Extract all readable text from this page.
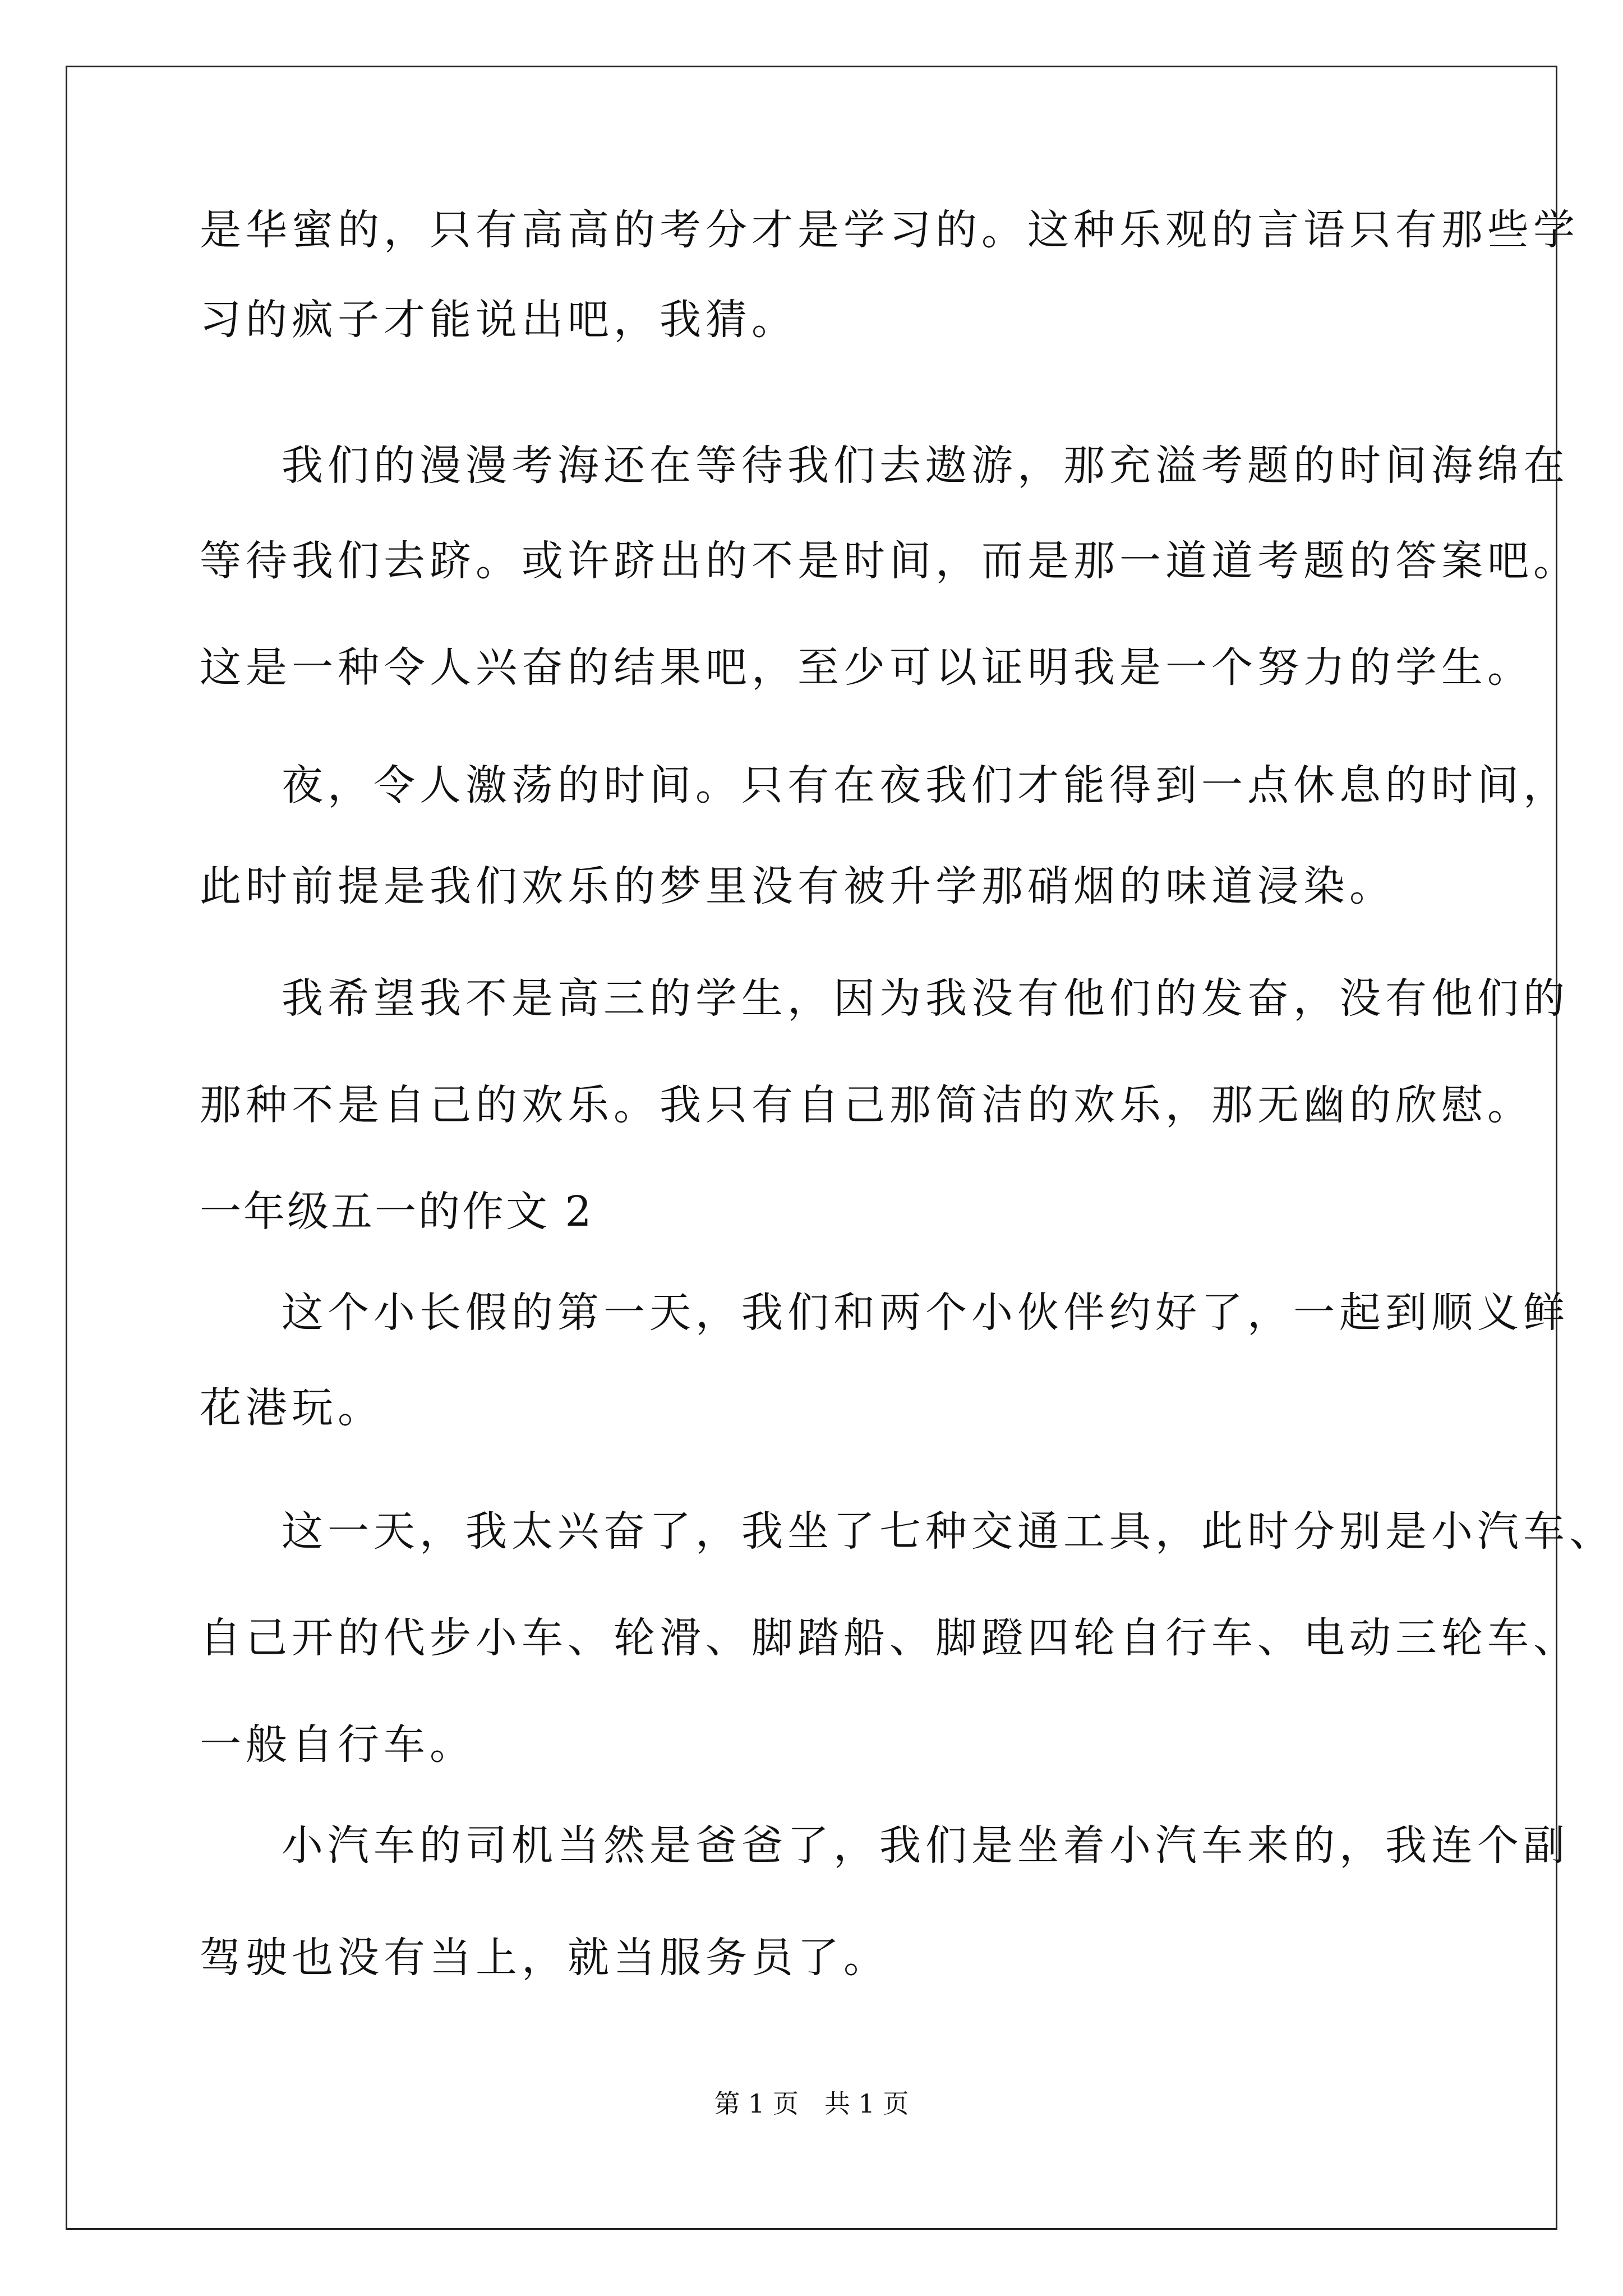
是华蜜的，只有高高的考分才是学习的。这种乐观的言语只有那些学
习的疯子才能说出吧，我猜。
我们的漫漫考海还在等待我们去遨游，那充溢考题的时间海绵在
等待我们去跻。或许跻出的不是时间，而是那一道道考题的答案吧。
这是一种令人兴奋的结果吧，至少可以证明我是一个努力的学生。
夜，令人激荡的时间。只有在夜我们才能得到一点休息的时间，
此时前提是我们欢乐的梦里没有被升学那硝烟的味道浸染。
我希望我不是高三的学生，因为我没有他们的发奋，没有他们的
那种不是自己的欢乐。我只有自己那简洁的欢乐，那无幽的欣慰。
一年级五一的作文 2
这个小长假的第一天，我们和两个小伙伴约好了，一起到顺义鲜
花港玩。
这一天，我太兴奋了，我坐了七种交通工具，此时分别是小汽车、
自己开的代步小车、轮滑、脚踏船、脚蹬四轮自行车、电动三轮车、
一般自行车。
小汽车的司机当然是爸爸了，我们是坐着小汽车来的，我连个副
驾驶也没有当上，就当服务员了。
第 1 页　共 1 页
